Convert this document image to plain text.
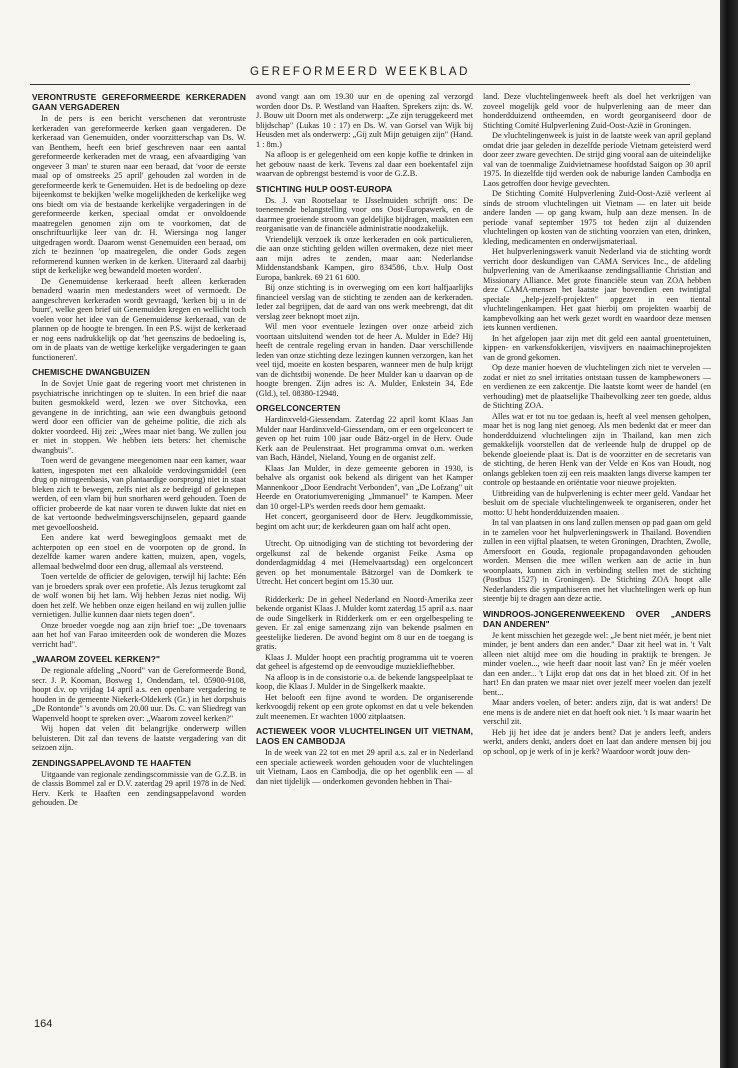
GEREFORMEERD WEEKBLAD
VERONTRUSTE GEREFORMEERDE KERKERADEN GAAN VERGADEREN

In de pers is een bericht verschenen dat verontruste kerkeraden van gereformeerde kerken gaan vergaderen. De kerkeraad van Genemuiden, onder voorzitterschap van Ds. W. van Benthem, heeft een brief geschreven naar een aantal gereformeerde kerkeraden met de vraag, een afvaardiging 'van ongeveer 3 man' te sturen naar een beraad, dat 'voor de eerste maal op of omstreeks 25 april' gehouden zal worden in de gereformeerde kerk te Genemuiden. Het is de bedoeling op deze bijeenkomst te bekijken 'welke mogelijkheden de kerkelijke weg ons biedt om via de bestaande kerkelijke vergaderingen in de gereformeerde kerken, speciaal omdat er onvoldoende maatregelen genomen zijn om te voorkomen, dat de onschriftuurlijke leer van dr. H. Wiersinga nog langer uitgedragen wordt. Daarom wenst Genemuiden een beraad, om zich te bezinnen 'op maatregelen, die onder Gods zegen reformerend kunnen werken in de kerken. Uiteraard zal daarbij stipt de kerkelijke weg bewandeld moeten worden'.

De Genemuidense kerkeraad heeft alleen kerkeraden benaderd waarin men medestanders weet of vermoedt. De aangeschreven kerkeraden wordt gevraagd, 'kerken bij u in de buurt', welke geen brief uit Genemuiden kregen en wellicht toch voelen voor het idee van de Genemuidense kerkeraad, van de plannen op de hoogte te brengen. In een P.S. wijst de kerkeraad er nog eens nadrukkelijk op dat 'het geenszins de bedoeling is, om in de plaats van de wettige kerkelijke vergaderingen te gaan functioneren'.

CHEMISCHE DWANGBUIZEN

In de Sovjet Unie gaat de regering voort met christenen in psychiatrische inrichtingen op te sluiten. In een brief die naar buiten gesmokkeld werd, lezen we over Sitchovka, een gevangene in de inrichting, aan wie een dwangbuis getoond werd door een officier van de geheime politie, die zich als dokter voordeed. Hij zei: „Wees maar niet bang. We zullen jou er niet in stoppen. We hebben iets beters: het chemische dwangbuis".

Toen werd de gevangene meegenomen naar een kamer, waar katten, ingespoten met een alkaloïde verdovingsmiddel (een drug op nitrogeenbasis, van plantaardige oorsprong) niet in staat bleken zich te bewegen, zelfs niet als ze bedreigd of geknepen werden, of een vlam bij hun snorharen werd gehouden. Toen de officier probeerde de kat naar voren te duwen lukte dat niet en de kat vertoonde bedwelmingsverschijnselen, gepaard gaande met gevoelloosheid.

Een andere kat werd bewegingloos gemaakt met de achterpoten op een stoel en de voorpoten op de grond. In dezelfde kamer waren andere katten, muizen, apen, vogels, allemaal bedwelmd door een drug, allemaal als versteend.

Toen vertelde de officier de gelovigen, terwijl hij lachte: Eén van je broeders sprak over een profetie. Als Jezus terugkomt zal de wolf wonen bij het lam. Wij hebben Jezus niet nodig. Wij doen het zelf. We hebben onze eigen heiland en wij zullen jullie vernietigen. Jullie kunnen daar niets tegen doen".

Onze broeder voegde nog aan zijn brief toe: „De tovenaars aan het hof van Farao imiteerden ook de wonderen die Mozes verricht had".

„WAAROM ZOVEEL KERKEN?"

De regionale afdeling „Noord" van de Gereformeerde Bond, secr. J. P. Kooman, Bosweg 1, Ondendam, tel. 05900-9108, hoopt d.v. op vrijdag 14 april a.s. een openbare vergadering te houden in de gemeente Niekerk-Oldekerk (Gr.) in het dorpshuis „De Rontonde" 's avonds om 20.00 uur. Ds. C. van Sliedregt van Wapenveld hoopt te spreken over: „Waarom zoveel kerken?"

Wij hopen dat velen dit belangrijke onderwerp willen beluisteren. Dit zal dan tevens de laatste vergadering van dit seizoen zijn.

ZENDINGSAPPELAVOND TE HAAFTEN

Uitgaande van regionale zendingscommissie van de G.Z.B. in de classis Bommel zal er D.V. zaterdag 29 april 1978 in de Ned. Herv. Kerk te Haaften een zendingsappelavond worden gehouden. De

avond vangt aan om 19.30 uur en de opening zal verzorgd worden door Ds. P. Westland van Haaften. Sprekers zijn: ds. W. J. Bouw uit Doorn met als onderwerp: „Ze zijn teruggekeerd met blijdschap" (Lukas 10 : 17) en Ds. W. van Gorsel van Wijk bij Heusden met als onderwerp: „Gij zult Mijn getuigen zijn" (Hand. 1 : 8m.)

Na afloop is er gelegenheid om een kopje koffie te drinken in het gebouw naast de kerk. Tevens zal daar een boekentafel zijn waarvan de opbrengst bestemd is voor de G.Z.B.

STICHTING HULP OOST-EUROPA

Ds. J. van Rootselaar te IJsselmuiden schrijft ons: De toenemende belangstelling voor ons Oost-Europawerk, en de daarmee groeiende stroom van geldelijke bijdragen, maakten een reorganisatie van de financiële administratie noodzakelijk.

Vriendelijk verzoek ik onze kerkeraden en ook particulieren, die aan onze stichting gelden willen overmaken, deze niet meer aan mijn adres te zenden, maar aan: Nederlandse Middenstandsbank Kampen, giro 834586, t.b.v. Hulp Oost Europa, bankrek. 69 21 61 600.

Bij onze stichting is in overweging om een kort halfjaarlijks financieel verslag van de stichting te zenden aan de kerkeraden. Ieder zal begrijpen, dat de aard van ons werk meebrengt, dat dit verslag zeer beknopt moet zijn.

Wil men voor eventuele lezingen over onze arbeid zich voortaan uitsluitend wenden tot de heer A. Mulder in Ede? Hij heeft de centrale regeling ervan in handen. Daar verschillende leden van onze stichting deze lezingen kunnen verzorgen, kan het veel tijd, moeite en kosten besparen, wanneer men de hulp krijgt van de dichtstbij wonende. De heer Mulder kan u daarvan op de hoogte brengen. Zijn adres is: A. Mulder, Enkstein 34, Ede (Gld.), tel. 08380-12948.

ORGELCONCERTEN

Hardinxveld-Giessendam. Zaterdag 22 april komt Klaas Jan Mulder naar Hardinxveld-Giessendam, om er een orgelconcert te geven op het ruim 100 jaar oude Bätz-orgel in de Herv. Oude Kerk aan de Peulenstraat. Het programma omvat o.m. werken van Bach, Händel, Nieland, Young en de organist zelf.

Klaas Jan Mulder, in deze gemeente geboren in 1930, is behalve als organist ook bekend als dirigent van het Kamper Mannenkoor „Door Eendracht Verbonden", van „De Lofzang" uit Heerde en Oratoriumvereniging „Immanuel" te Kampen. Meer dan 10 orgel-LP's werden reeds door hem gemaakt.

Het concert, georganiseerd door de Herv. Jeugdkommissie, begint om acht uur; de kerkdeuren gaan om half acht open.

Utrecht. Op uitnodiging van de stichting tot bevordering der orgelkunst zal de bekende organist Feike Asma op donderdagmiddag 4 mei (Hemelvaartsdag) een orgelconcert geven op het monumentale Bätzorgel van de Domkerk te Utrecht. Het concert begint om 15.30 uur.

Ridderkerk: De in geheel Nederland en Noord-Amerika zeer bekende organist Klaas J. Mulder komt zaterdag 15 april a.s. naar de oude Singelkerk in Ridderkerk om er een orgelbespeling te geven. Er zal enige samenzang zijn van bekende psalmen en geestelijke liederen. De avond begint om 8 uur en de toegang is gratis.

Klaas J. Mulder hoopt een prachtig programma uit te voeren dat geheel is afgestemd op de eenvoudige muziekliefhebber.

Na afloop is in de consistorie o.a. de bekende langspeelplaat te koop, die Klaas J. Mulder in de Singelkerk maakte.

Het belooft een fijne avond te worden. De organiserende kerkvoogdij rekent op een grote opkomst en dat u vele bekenden zult meenemen. Er wachten 1000 zitplaatsen.

ACTIEWEEK VOOR VLUCHTELINGEN UIT VIETNAM, LAOS EN CAMBODJA

In de week van 22 tot en met 29 april a.s. zal er in Nederland een speciale actieweek worden gehouden voor de vluchtelingen uit Vietnam, Laos en Cambodja, die op het ogenblik een — al dan niet tijdelijk — onderkomen gevonden hebben in Thai-

land. Deze vluchtelingenweek heeft als doel het verkrijgen van zoveel mogelijk geld voor de hulpverlening aan de meer dan honderdduizend ontheemden, en wordt georganiseerd door de Stichting Comité Hulpverlening Zuid-Oost-Azië in Groningen.

De vluchtelingenweek is juist in de laatste week van april gepland omdat drie jaar geleden in dezelfde periode Vietnam geteisterd werd door zeer zware gevechten. De strijd ging vooral aan de uiteindelijke val van de toenmalige Zuidvietnamese hoofdstad Saigon op 30 april 1975. In diezelfde tijd werden ook de naburige landen Cambodja en Laos getroffen door hevige gevechten.

De Stichting Comité Hulpverlening Zuid-Oost-Azië verleent al sinds de stroom vluchtelingen uit Vietnam — en later uit beide andere landen — op gang kwam, hulp aan deze mensen. In de periode vanaf september 1975 tot heden zijn al duizenden vluchtelingen op kosten van de stichting voorzien van eten, drinken, kleding, medicamenten en onderwijsmateriaal.

Het hulpverleningswerk vanuit Nederland via de stichting wordt verricht door deskundigen van CAMA Services Inc., de afdeling hulpverlening van de Amerikaanse zendingsalliantie Christian and Missionary Alliance. Met grote financiële steun van ZOA hebben deze CAMA-mensen het laatste jaar bovendien een twintigtal speciale „help-jezelf-projekten" opgezet in een tiental vluchtelingenkampen. Het gaat hierbij om projekten waarbij de kampbevolking aan het werk gezet wordt en waardoor deze mensen iets kunnen verdienen.

In het afgelopen jaar zijn met dit geld een aantal groentetuinen, kippen- en varkensfokkerijen, visvijvers en naaimachineprojekten van de grond gekomen.

Op deze manier hoeven de vluchtelingen zich niet te vervelen — zodat er niet zo snel irritaties ontstaan tussen de kampbewoners — en verdienen ze een zakcentje. Die laatste komt weer de handel (en verhouding) met de plaatselijke Thaibevolking zeer ten goede, aldus de Stichting ZOA.

Alles wat er tot nu toe gedaan is, heeft al veel mensen geholpen, maar het is nog lang niet genoeg. Als men bedenkt dat er meer dan honderdduizend vluchtelingen zijn in Thailand, kan men zich gemakkelijk voorstellen dat de verleende hulp de druppel op de bekende gloeiende plaat is. Dat is de voorzitter en de secretaris van de stichting, de heren Henk van der Velde en Kos van Houdt, nog onlangs gebleken toen zij een reis maakten langs diverse kampen ter controle op bestaande en oriëntatie voor nieuwe projekten.

Uitbreiding van de hulpverlening is echter meer geld. Vandaar het besluit om de speciale vluchtelingenweek te organiseren, onder het motto: U hebt honderdduizenden maaien.

In tal van plaatsen in ons land zullen mensen op pad gaan om geld in te zamelen voor het hulpverleningswerk in Thailand. Bovendien zullen in een vijftal plaatsen, te weten Groningen, Drachten, Zwolle, Amersfoort en Gouda, regionale propagandavonden gehouden worden. Mensen die mee willen werken aan de actie in hun woonplaats, kunnen zich in verbinding stellen met de stichting (Postbus 1527) in Groningen). De Stichting ZOA hoopt alle Nederlanders die sympathiseren met het vluchtelingen werk op hun steentje bij te dragen aan deze actie.

WINDROOS-JONGERENWEEKEND OVER „ANDERS DAN ANDEREN"

Je kent misschien het gezegde wel: „Je bent niet méér, je bent niet minder, je bent anders dan een ander." Daar zit heel wat in. 't Valt alleen niet altijd mee om die houding in praktijk te brengen. Je minder voelen..., wie heeft daar nooit last van? En je méér voelen dan een ander... 't Lijkt erop dat ons dat in het bloed zit. Of in het hart! En dan praten we maar niet over jezelf meer voelen dan jezelf bent...

Maar anders voelen, of beter: anders zijn, dat is wat anders! De ene mens is de andere niet en dat hoeft ook niet. 't Is maar waarin het verschil zit.

Heb jij het idee dat je anders bent? Dat je anders leeft, anders werkt, anders denkt, anders doet en laat dan andere mensen bij jou op school, op je werk of in je kerk? Waardoor wordt jouw den-

164
